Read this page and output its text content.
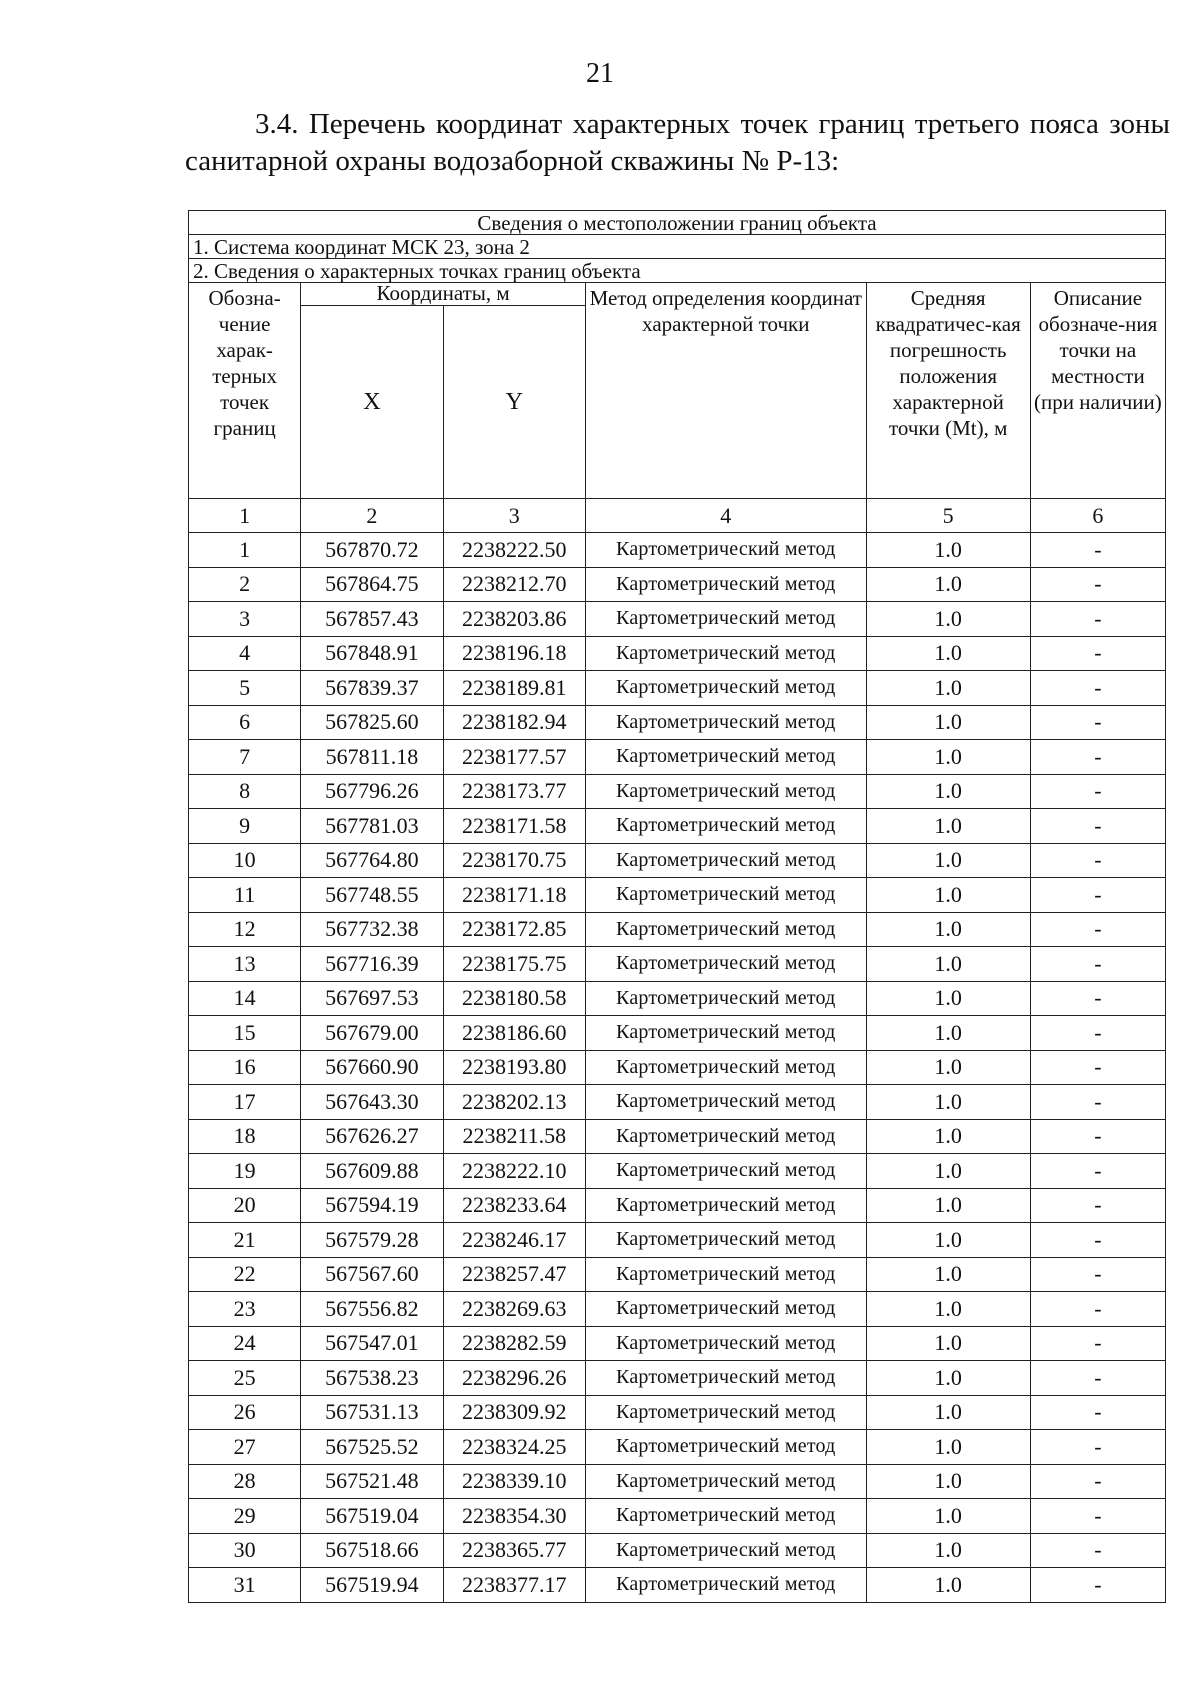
21
3.4. Перечень координат характерных точек границ третьего пояса зоны санитарной охраны водозаборной скважины № Р-13:
Сведения о местоположении границ объекта					
1. Система координат МСК 23, зона 2					
2. Сведения о характерных точках границ объекта					
Обозна-чение харак-терных точек границ	Координаты, м		Метод определения координат характерной точки	Средняя квадратичес-кая погрешность положения характерной точки (Mt), м	Описание обозначе-ния точки на местности (при наличии)
	X	Y			
1	2	3	4	5	6
1	567870.72	2238222.50	Картометрический метод	1.0	-
2	567864.75	2238212.70	Картометрический метод	1.0	-
3	567857.43	2238203.86	Картометрический метод	1.0	-
4	567848.91	2238196.18	Картометрический метод	1.0	-
5	567839.37	2238189.81	Картометрический метод	1.0	-
6	567825.60	2238182.94	Картометрический метод	1.0	-
7	567811.18	2238177.57	Картометрический метод	1.0	-
8	567796.26	2238173.77	Картометрический метод	1.0	-
9	567781.03	2238171.58	Картометрический метод	1.0	-
10	567764.80	2238170.75	Картометрический метод	1.0	-
11	567748.55	2238171.18	Картометрический метод	1.0	-
12	567732.38	2238172.85	Картометрический метод	1.0	-
13	567716.39	2238175.75	Картометрический метод	1.0	-
14	567697.53	2238180.58	Картометрический метод	1.0	-
15	567679.00	2238186.60	Картометрический метод	1.0	-
16	567660.90	2238193.80	Картометрический метод	1.0	-
17	567643.30	2238202.13	Картометрический метод	1.0	-
18	567626.27	2238211.58	Картометрический метод	1.0	-
19	567609.88	2238222.10	Картометрический метод	1.0	-
20	567594.19	2238233.64	Картометрический метод	1.0	-
21	567579.28	2238246.17	Картометрический метод	1.0	-
22	567567.60	2238257.47	Картометрический метод	1.0	-
23	567556.82	2238269.63	Картометрический метод	1.0	-
24	567547.01	2238282.59	Картометрический метод	1.0	-
25	567538.23	2238296.26	Картометрический метод	1.0	-
26	567531.13	2238309.92	Картометрический метод	1.0	-
27	567525.52	2238324.25	Картометрический метод	1.0	-
28	567521.48	2238339.10	Картометрический метод	1.0	-
29	567519.04	2238354.30	Картометрический метод	1.0	-
30	567518.66	2238365.77	Картометрический метод	1.0	-
31	567519.94	2238377.17	Картометрический метод	1.0	-
